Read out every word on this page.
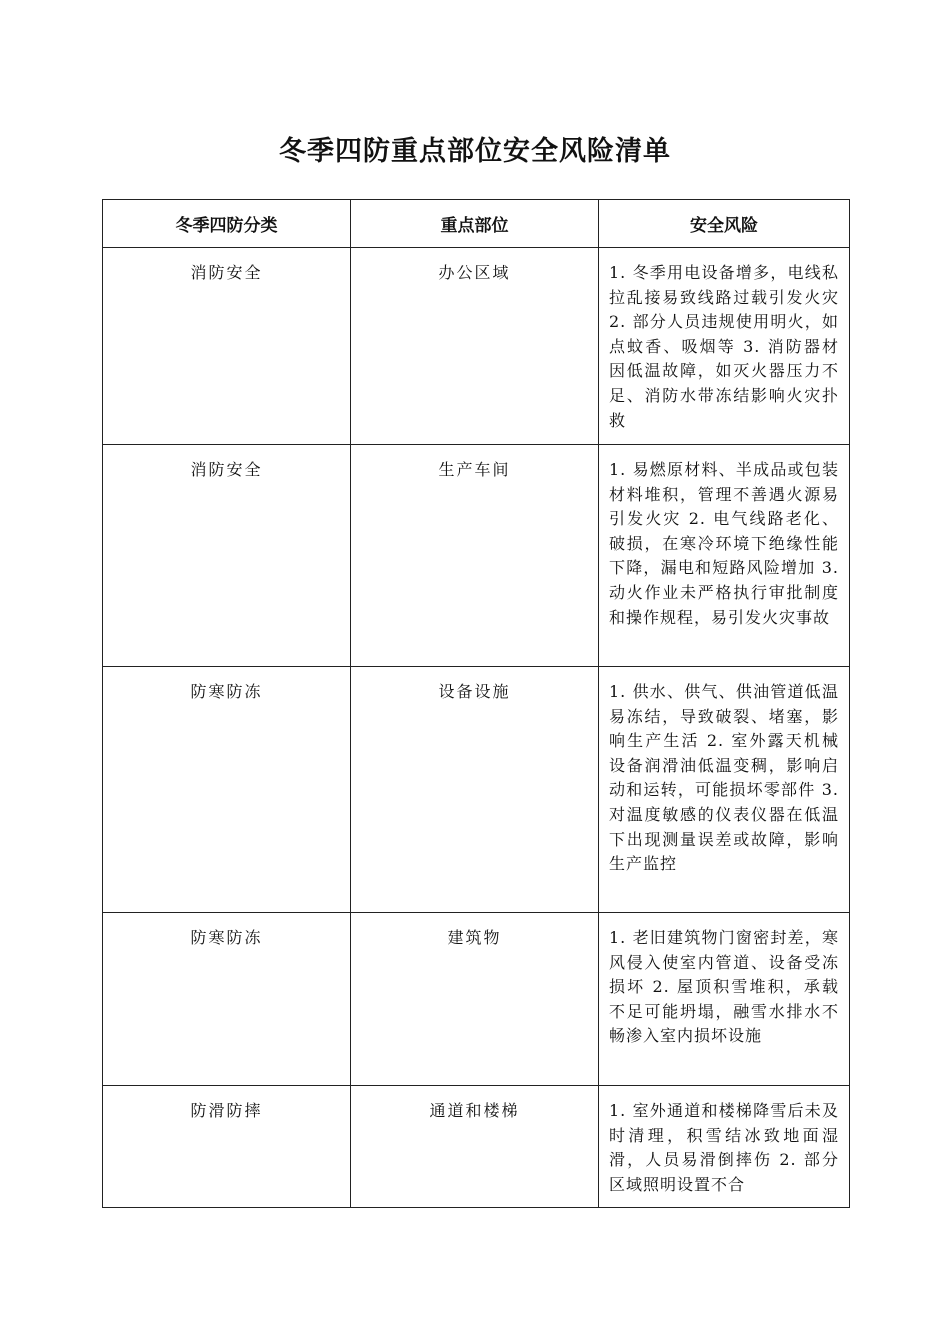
冬季四防重点部位安全风险清单
冬季四防分类	重点部位	安全风险
消防安全	办公区域	1. 冬季用电设备增多，电线私拉乱接易致线路过载引发火灾 2. 部分人员违规使用明火，如点蚊香、吸烟等 3. 消防器材因低温故障，如灭火器压力不足、消防水带冻结影响火灾扑救
消防安全	生产车间	1. 易燃原材料、半成品或包装材料堆积，管理不善遇火源易引发火灾 2. 电气线路老化、破损，在寒冷环境下绝缘性能下降，漏电和短路风险增加 3. 动火作业未严格执行审批制度和操作规程，易引发火灾事故
防寒防冻	设备设施	1. 供水、供气、供油管道低温易冻结，导致破裂、堵塞，影响生产生活 2. 室外露天机械设备润滑油低温变稠，影响启动和运转，可能损坏零部件 3. 对温度敏感的仪表仪器在低温下出现测量误差或故障，影响生产监控
防寒防冻	建筑物	1. 老旧建筑物门窗密封差，寒风侵入使室内管道、设备受冻损坏 2. 屋顶积雪堆积，承载不足可能坍塌，融雪水排水不畅渗入室内损坏设施
防滑防摔	通道和楼梯	1. 室外通道和楼梯降雪后未及时清理，积雪结冰致地面湿滑，人员易滑倒摔伤 2. 部分区域照明设置不合
